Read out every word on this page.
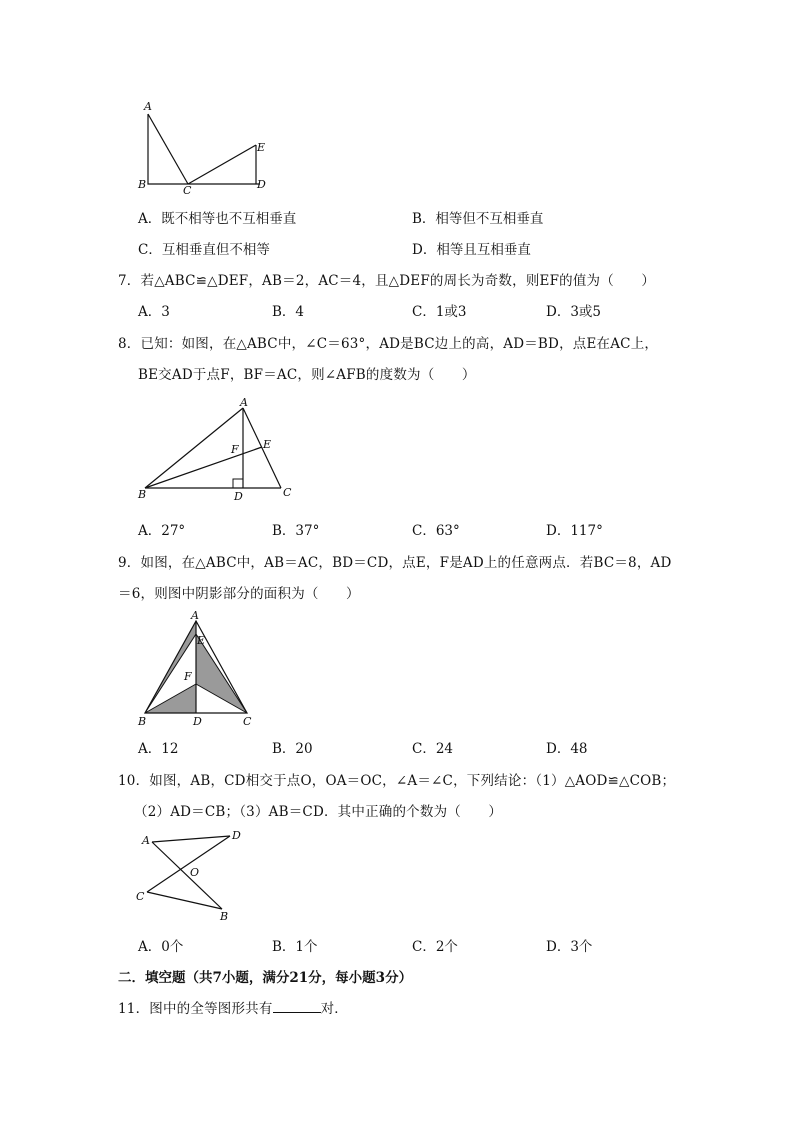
A
B	C	D
E
A．既不相等也不互相垂直	B．相等但不互相垂直
C．互相垂直但不相等	D．相等且互相垂直
7．若△ABC≌△DEF，AB＝2，AC＝4，且△DEF的周长为奇数，则EF的值为（　　）
A．3	B．4	C．1或3	D．3或5
8．已知：如图，在△ABC中，∠C＝63°，AD是BC边上的高，AD＝BD，点E在AC上，
BE交AD于点F，BF＝AC，则∠AFB的度数为（　　）
A
B	C
D
E
F
A．27°	B．37°	C．63°	D．117°
9．如图，在△ABC中，AB＝AC，BD＝CD，点E，F是AD上的任意两点．若BC＝8，AD
＝6，则图中阴影部分的面积为（　　）
A
B	C
D
E
F
A．12	B．20	C．24	D．48
10．如图，AB，CD相交于点O，OA＝OC，∠A＝∠C，下列结论：（1）△AOD≌△COB；
（2）AD＝CB；（3）AB＝CD．其中正确的个数为（　　）
A
B
C
D
O
A．0个	B．1个	C．2个	D．3个
二．填空题（共7小题，满分21分，每小题3分）
11．图中的全等图形共有	对．
